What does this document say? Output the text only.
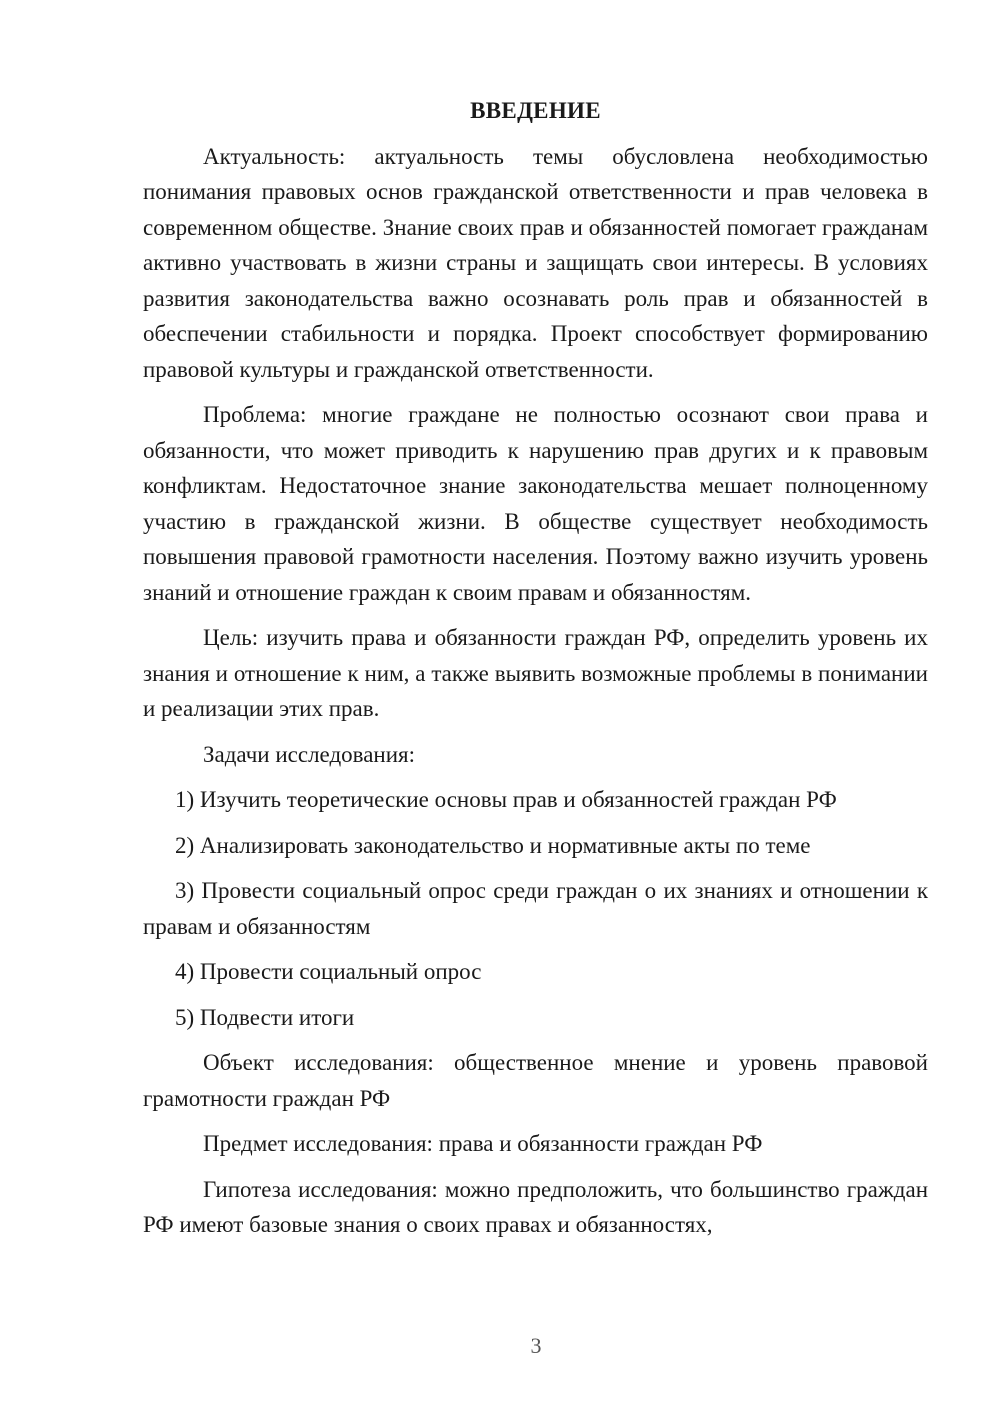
ВВЕДЕНИЕ

Актуальность: актуальность темы обусловлена необходимостью понимания правовых основ гражданской ответственности и прав человека в современном обществе. Знание своих прав и обязанностей помогает гражданам активно участвовать в жизни страны и защищать свои интересы. В условиях развития законодательства важно осознавать роль прав и обязанностей в обеспечении стабильности и порядка. Проект способствует формированию правовой культуры и гражданской ответственности.

Проблема: многие граждане не полностью осознают свои права и обязанности, что может приводить к нарушению прав других и к правовым конфликтам. Недостаточное знание законодательства мешает полноценному участию в гражданской жизни. В обществе существует необходимость повышения правовой грамотности населения. Поэтому важно изучить уровень знаний и отношение граждан к своим правам и обязанностям.

Цель: изучить права и обязанности граждан РФ, определить уровень их знания и отношение к ним, а также выявить возможные проблемы в понимании и реализации этих прав.

Задачи исследования:

1) Изучить теоретические основы прав и обязанностей граждан РФ

2) Анализировать законодательство и нормативные акты по теме

3) Провести социальный опрос среди граждан о их знаниях и отношении к правам и обязанностям

4) Провести социальный опрос

5) Подвести итоги

Объект исследования: общественное мнение и уровень правовой грамотности граждан РФ

Предмет исследования: права и обязанности граждан РФ

Гипотеза исследования: можно предположить, что большинство граждан РФ имеют базовые знания о своих правах и обязанностях,

3
